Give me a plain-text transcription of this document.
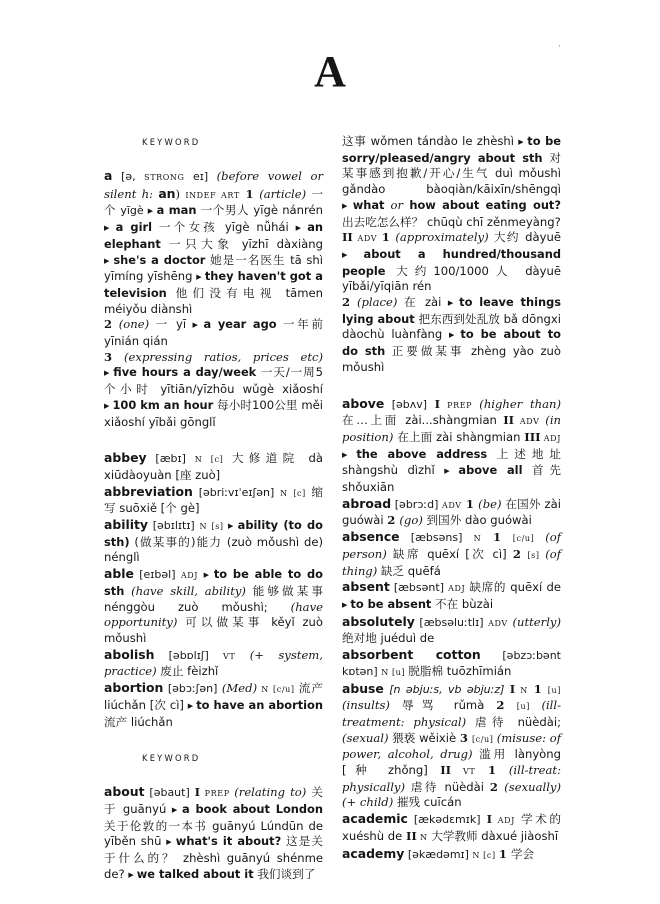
A	·
KEYWORD
a [ə, STRONG eɪ] (before vowel or silent h: an) INDEF ART 1 (article) 一个 yīgè ▶ a man 一个男人 yīgè nánrén ▶ a girl 一个女孩 yīgè nǚhái ▶ an elephant 一只大象 yīzhī dàxiàng ▶ she's a doctor 她是一名医生 tā shì yīmíng yīshēng ▶ they haven't got a television 他们没有电视 tāmen méiyǒu diànshì
2 (one) 一 yī ▶ a year ago 一年前 yīnián qián
3 (expressing ratios, prices etc) ▶ five hours a day/week 一天/一周5个小时 yītiān/yīzhōu wǔgè xiǎoshí ▶ 100 km an hour 每小时100公里 měi xiǎoshí yībǎi gōnglǐ
abbey [æbɪ] N [c] 大修道院 dà xiūdàoyuàn [座 zuò]
abbreviation [əbriːvɪˈeɪʃən] N [c] 缩写 suōxiě [个 gè]
ability [əbɪlɪtɪ] N [s] ▶ ability (to do sth) (做某事的)能力 (zuò mǒushì de) nénglì
able [eɪbəl] ADJ ▶ to be able to do sth (have skill, ability) 能够做某事 nénggòu zuò mǒushì; (have opportunity) 可以做某事 kěyǐ zuò mǒushì
abolish [əbɒlɪʃ] VT (+ system, practice) 废止 fèizhǐ
abortion [əbɔːʃən] (Med) N [c/u] 流产 liúchǎn [次 cì] ▶ to have an abortion 流产 liúchǎn
KEYWORD
about [əbaut] I PREP (relating to) 关于 guānyú ▶ a book about London 关于伦敦的一本书 guānyú Lúndūn de yīběn shū ▶ what's it about? 这是关于什么的？ zhèshì guānyú shénme de? ▶ we talked about it 我们谈到了
这事 wǒmen tándào le zhèshì ▶ to be sorry/pleased/angry about sth 对某事感到抱歉/开心/生气 duì mǒushì gǎndào bàoqiàn/kāixīn/shēngqì ▶ what or how about eating out? 出去吃怎么样？ chūqù chī zěnmeyàng?
II ADV 1 (approximately) 大约 dàyuē ▶ about a hundred/thousand people 大约100/1000人 dàyuē yībǎi/yīqiān rén
2 (place) 在 zài ▶ to leave things lying about 把东西到处乱放 bǎ dōngxi dàochù luànfàng ▶ to be about to do sth 正要做某事 zhèng yào zuò mǒushì
above [əbʌv] I PREP (higher than) 在…上面 zài...shàngmian II ADV (in position) 在上面 zài shàngmian III ADJ ▶ the above address 上述地址 shàngshù dìzhǐ ▶ above all 首先 shǒuxiān
abroad [əbrɔːd] ADV 1 (be) 在国外 zài guówài 2 (go) 到国外 dào guówài
absence [æbsəns] N 1 [c/u] (of person) 缺席 quēxí [次 cì] 2 [s] (of thing) 缺乏 quēfá
absent [æbsənt] ADJ 缺席的 quēxí de ▶ to be absent 不在 bùzài
absolutely [æbsəluːtlɪ] ADV (utterly) 绝对地 juéduì de
absorbent cotton [əbzɔːbənt kɒtən] N [u] 脱脂棉 tuōzhīmián
abuse [n əbjuːs, vb əbjuːz] I N 1 [u] (insults) 辱骂 rǔmà 2 [u] (ill-treatment: physical) 虐待 nüèdài; (sexual) 猥亵 wěixiè 3 [c/u] (misuse: of power, alcohol, drug) 滥用 lànyòng [种 zhǒng] II VT 1 (ill-treat: physically) 虐待 nüèdài 2 (sexually) (+ child) 摧残 cuīcán
academic [ækədɛmɪk] I ADJ 学术的 xuéshù de II N 大学教师 dàxué jiàoshī
academy [əkædəmɪ] N [c] 1 学会
